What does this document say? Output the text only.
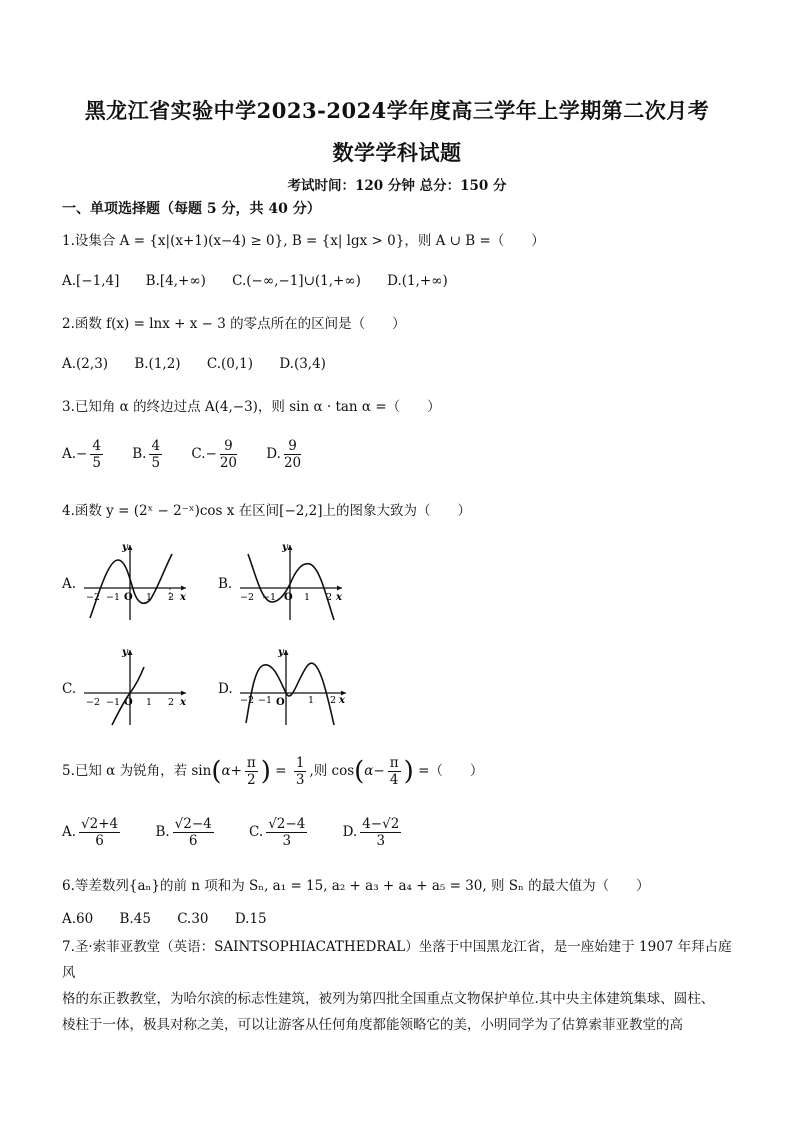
黑龙江省实验中学2023-2024学年度高三学年上学期第二次月考
数学学科试题
考试时间：120 分钟 总分：150 分
一、单项选择题（每题 5 分，共 40 分）
1.设集合 A = {x|(x+1)(x−4) ≥ 0}, B = {x| lgx > 0}，则 A ∪ B =（　　）
A.[−1,4] B.[4,+∞) C.(−∞,−1]∪(1,+∞) D.(1,+∞)
2.函数 f(x) = lnx + x − 3 的零点所在的区间是（　　）
A.(2,3) B.(1,2) C.(0,1) D.(3,4)
3.已知角 α 的终边过点 A(4,−3)，则 sin α · tan α =（　　）
$A.- \frac{4}{5} B$. $\frac{4}{5} C.- \frac{9}{20} D$. $\frac{9}{20}$
4.函数 y = (2ˣ − 2⁻ˣ)cos x 在区间[−2,2]上的图象大致为（　　）
A.
y
x
O
−2 −1	1 2
B.
y
x
O
−2 −1	1 2
C.
y
x
O
−2 −1	1 2
D.
y
x
O
−2 −1	1 2
5.已知 α 为锐角，若 $\sin(\alpha+ \frac{\pi}{2}$ ) = $\frac{1}{3}$ ,则 $\cos(\alpha- \frac{\pi}{4}$ ) =（　　）
A. $\frac{√2+4}{6}$	B. $\frac{√2-4}{6}$	C. $\frac{√2-4}{3}$	D. $\frac{4-√2}{3}$
6.等差数列{aₙ}的前 n 项和为 Sₙ, a₁ = 15, a₂ + a₃ + a₄ + a₅ = 30, 则 Sₙ 的最大值为（　　）
A.60 B.45 C.30 D.15
7.圣·索菲亚教堂（英语：SAINTSOPHIACATHEDRAL）坐落于中国黑龙江省，是一座始建于 1907 年拜占庭风
格的东正教教堂，为哈尔滨的标志性建筑，被列为第四批全国重点文物保护单位.其中央主体建筑集球、圆柱、
棱柱于一体，极具对称之美，可以让游客从任何角度都能领略它的美，小明同学为了估算索菲亚教堂的高
